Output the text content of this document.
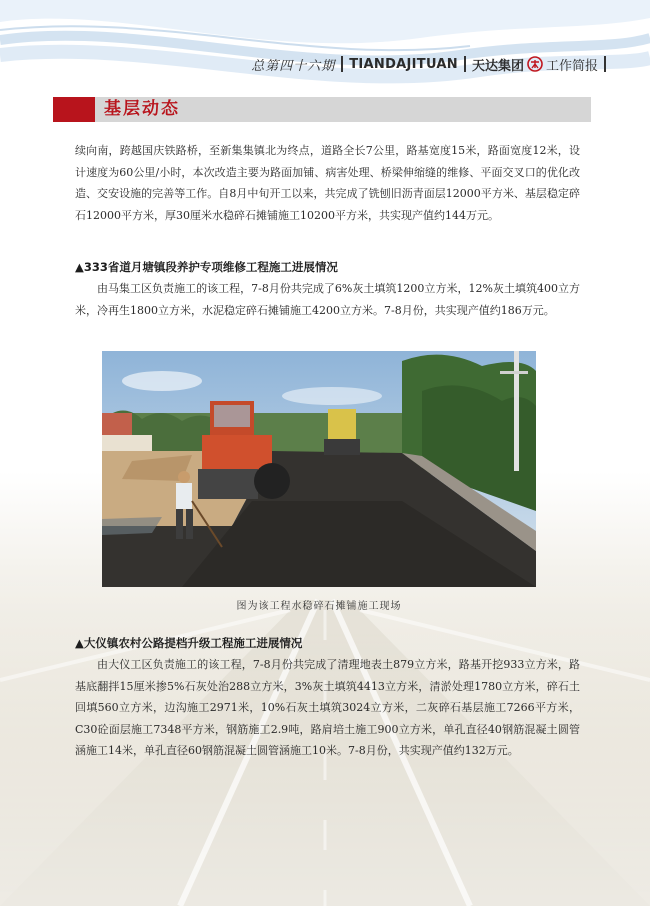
总第四十六期 TIANDAJITUAN 天达集团 工作简报
基层动态

续向南，跨越国庆铁路桥，至新集集镇北为终点，道路全长7公里，路基宽度15米，路面宽度12米，设计速度为60公里/小时，本次改造主要为路面加铺、病害处理、桥梁伸缩缝的维修、平面交叉口的优化改造、交安设施的完善等工作。自8月中旬开工以来，共完成了铣刨旧沥青面层12000平方米、基层稳定碎石12000平方米，厚30厘米水稳碎石摊铺施工10200平方米，共实现产值约144万元。

▲333省道月塘镇段养护专项维修工程施工进展情况

由马集工区负责施工的该工程，7-8月份共完成了6%灰土填筑1200立方米，12%灰土填筑400立方米，冷再生1800立方米，水泥稳定碎石摊铺施工4200立方米。7-8月份，共实现产值约186万元。

图为该工程水稳碎石摊铺施工现场
▲大仪镇农村公路提档升级工程施工进展情况

由大仪工区负责施工的该工程，7-8月份共完成了清理地表土879立方米，路基开挖933立方米，路基底翻拌15厘米掺5%石灰处治288立方米，3%灰土填筑4413立方米，清淤处理1780立方米，碎石土回填560立方米，边沟施工2971米，10%石灰土填筑3024立方米，二灰碎石基层施工7266平方米，C30砼面层施工7348平方米，钢筋施工2.9吨，路肩培土施工900立方米，单孔直径40钢筋混凝土圆管涵施工14米，单孔直径60钢筋混凝土圆管涵施工10米。7-8月份，共实现产值约132万元。
